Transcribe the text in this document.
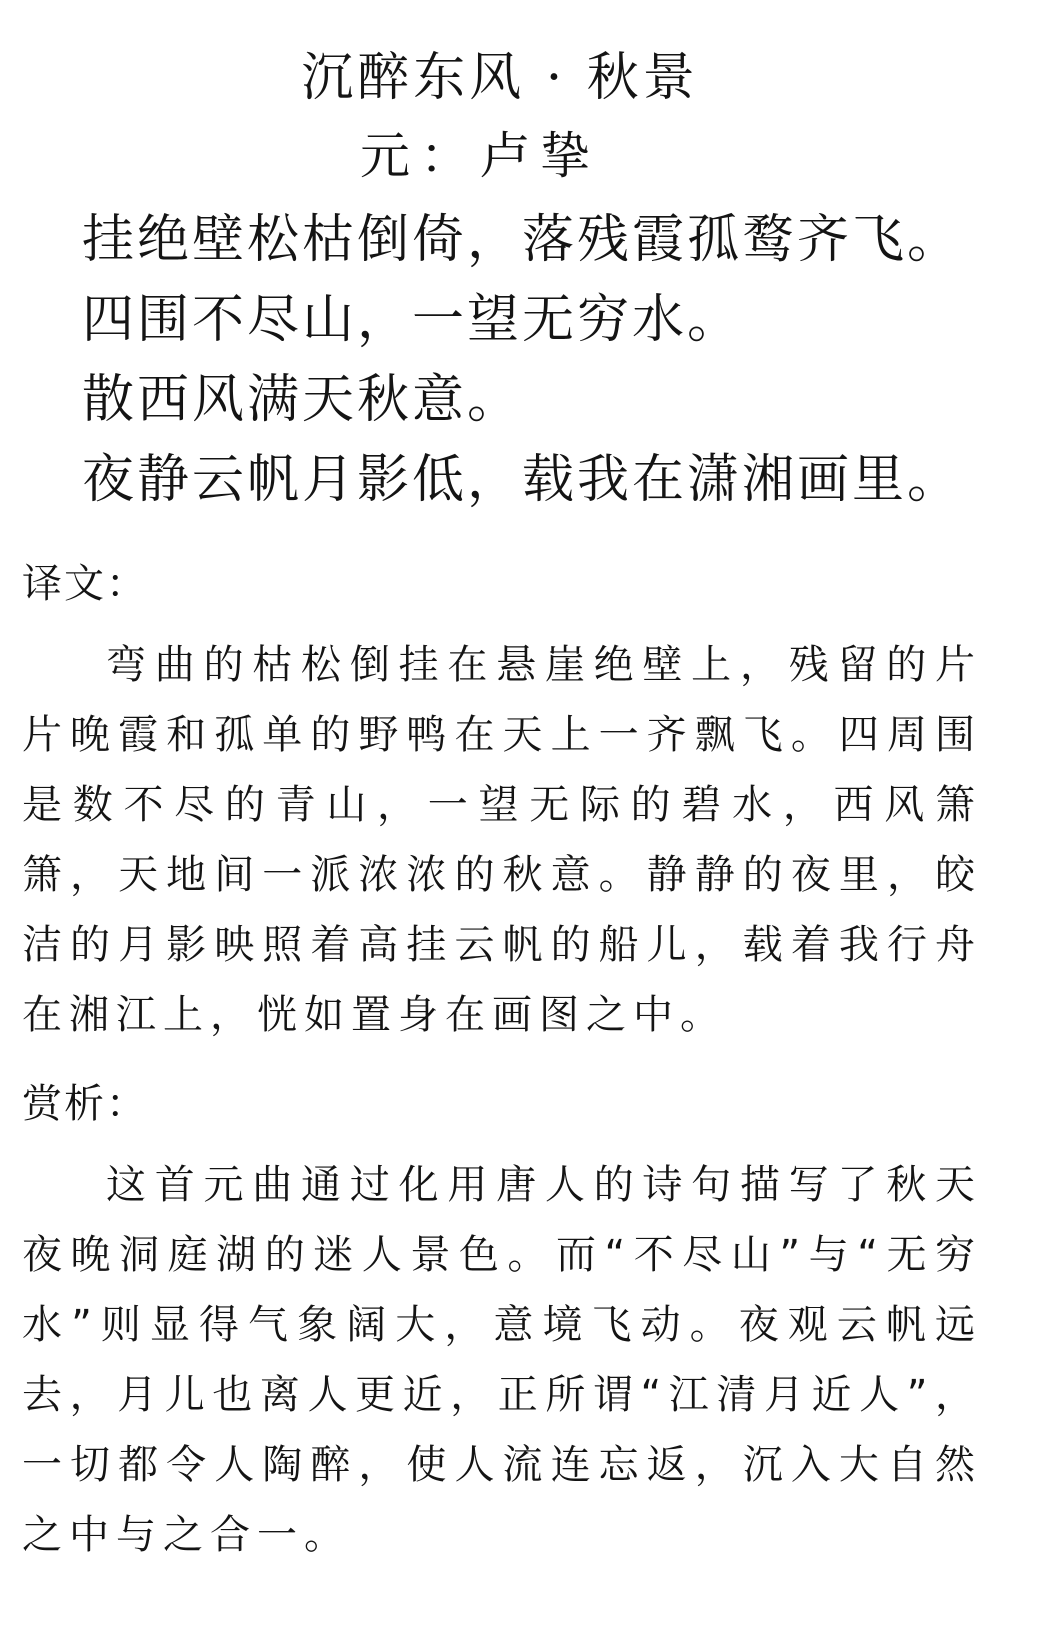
沉醉东风 · 秋景
元：卢挚
挂绝壁松枯倒倚，落残霞孤鹜齐飞。
四围不尽山，一望无穷水。
散西风满天秋意。
夜静云帆月影低，载我在潇湘画里。
译文：

弯曲的枯松倒挂在悬崖绝壁上，残留的片片晚霞和孤单的野鸭在天上一齐飘飞。四周围是数不尽的青山，一望无际的碧水，西风箫箫，天地间一派浓浓的秋意。静静的夜里，皎洁的月影映照着高挂云帆的船儿，载着我行舟在湘江上，恍如置身在画图之中。

赏析：

这首元曲通过化用唐人的诗句描写了秋天夜晚洞庭湖的迷人景色。而“不尽山”与“无穷水”则显得气象阔大，意境飞动。夜观云帆远去，月儿也离人更近，正所谓“江清月近人”，一切都令人陶醉，使人流连忘返，沉入大自然之中与之合一。
